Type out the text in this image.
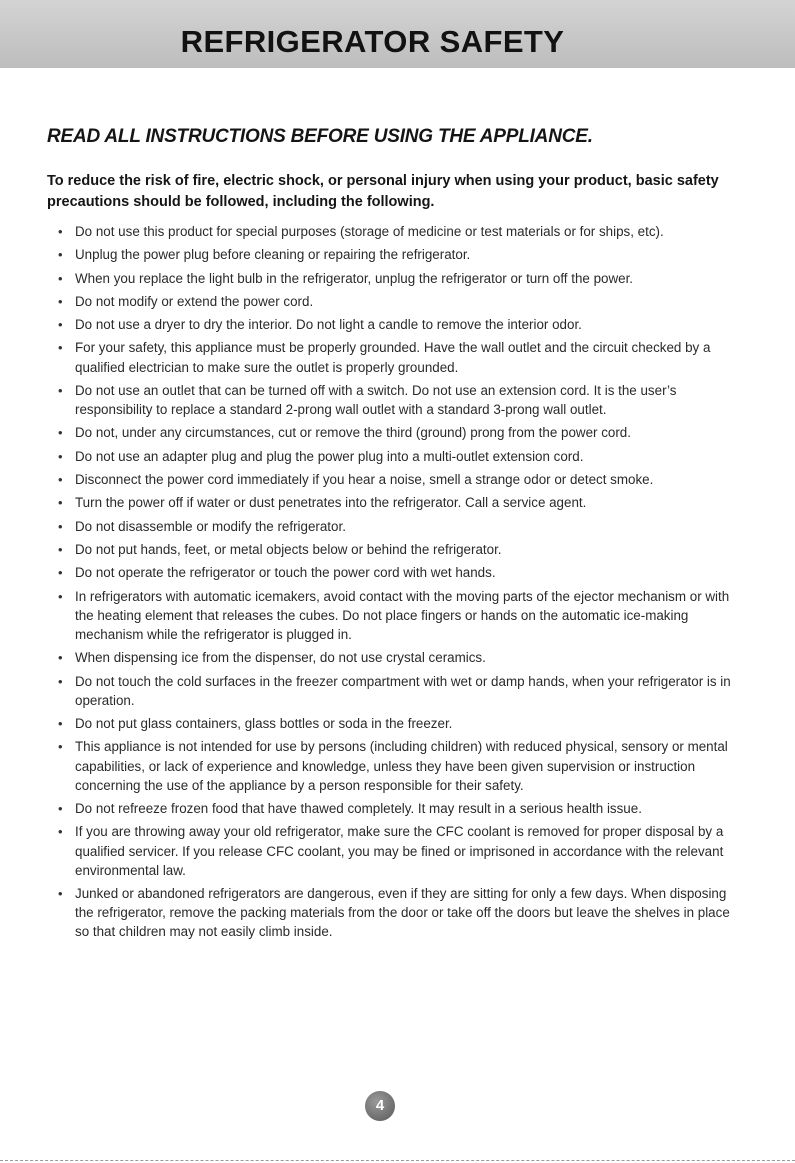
REFRIGERATOR SAFETY
READ ALL INSTRUCTIONS BEFORE USING THE APPLIANCE.

To reduce the risk of fire, electric shock, or personal injury when using your product, basic safety precautions should be followed, including the following.

• Do not use this product for special purposes (storage of medicine or test materials or for ships, etc).
• Unplug the power plug before cleaning or repairing the refrigerator.
• When you replace the light bulb in the refrigerator, unplug the refrigerator or turn off the power.
• Do not modify or extend the power cord.
• Do not use a dryer to dry the interior. Do not light a candle to remove the interior odor.
• For your safety, this appliance must be properly grounded. Have the wall outlet and the circuit checked by a qualified electrician to make sure the outlet is properly grounded.
• Do not use an outlet that can be turned off with a switch. Do not use an extension cord. It is the user’s responsibility to replace a standard 2-prong wall outlet with a standard 3-prong wall outlet.
• Do not, under any circumstances, cut or remove the third (ground) prong from the power cord.
• Do not use an adapter plug and plug the power plug into a multi-outlet extension cord.
• Disconnect the power cord immediately if you hear a noise, smell a strange odor or detect smoke.
• Turn the power off if water or dust penetrates into the refrigerator. Call a service agent.
• Do not disassemble or modify the refrigerator.
• Do not put hands, feet, or metal objects below or behind the refrigerator.
• Do not operate the refrigerator or touch the power cord with wet hands.
• In refrigerators with automatic icemakers, avoid contact with the moving parts of the ejector mechanism or with the heating element that releases the cubes. Do not place fingers or hands on the automatic ice-making mechanism while the refrigerator is plugged in.
• When dispensing ice from the dispenser, do not use crystal ceramics.
• Do not touch the cold surfaces in the freezer compartment with wet or damp hands, when your refrigerator is in operation.
• Do not put glass containers, glass bottles or soda in the freezer.
• This appliance is not intended for use by persons (including children) with reduced physical, sensory or mental capabilities, or lack of experience and knowledge, unless they have been given supervision or instruction concerning the use of the appliance by a person responsible for their safety.
• Do not refreeze frozen food that have thawed completely. It may result in a serious health issue.
• If you are throwing away your old refrigerator, make sure the CFC coolant is removed for proper disposal by a qualified servicer. If you release CFC coolant, you may be fined or imprisoned in accordance with the relevant environmental law.
• Junked or abandoned refrigerators are dangerous, even if they are sitting for only a few days. When disposing the refrigerator, remove the packing materials from the door or take off the doors but leave the shelves in place so that children may not easily climb inside.
4
